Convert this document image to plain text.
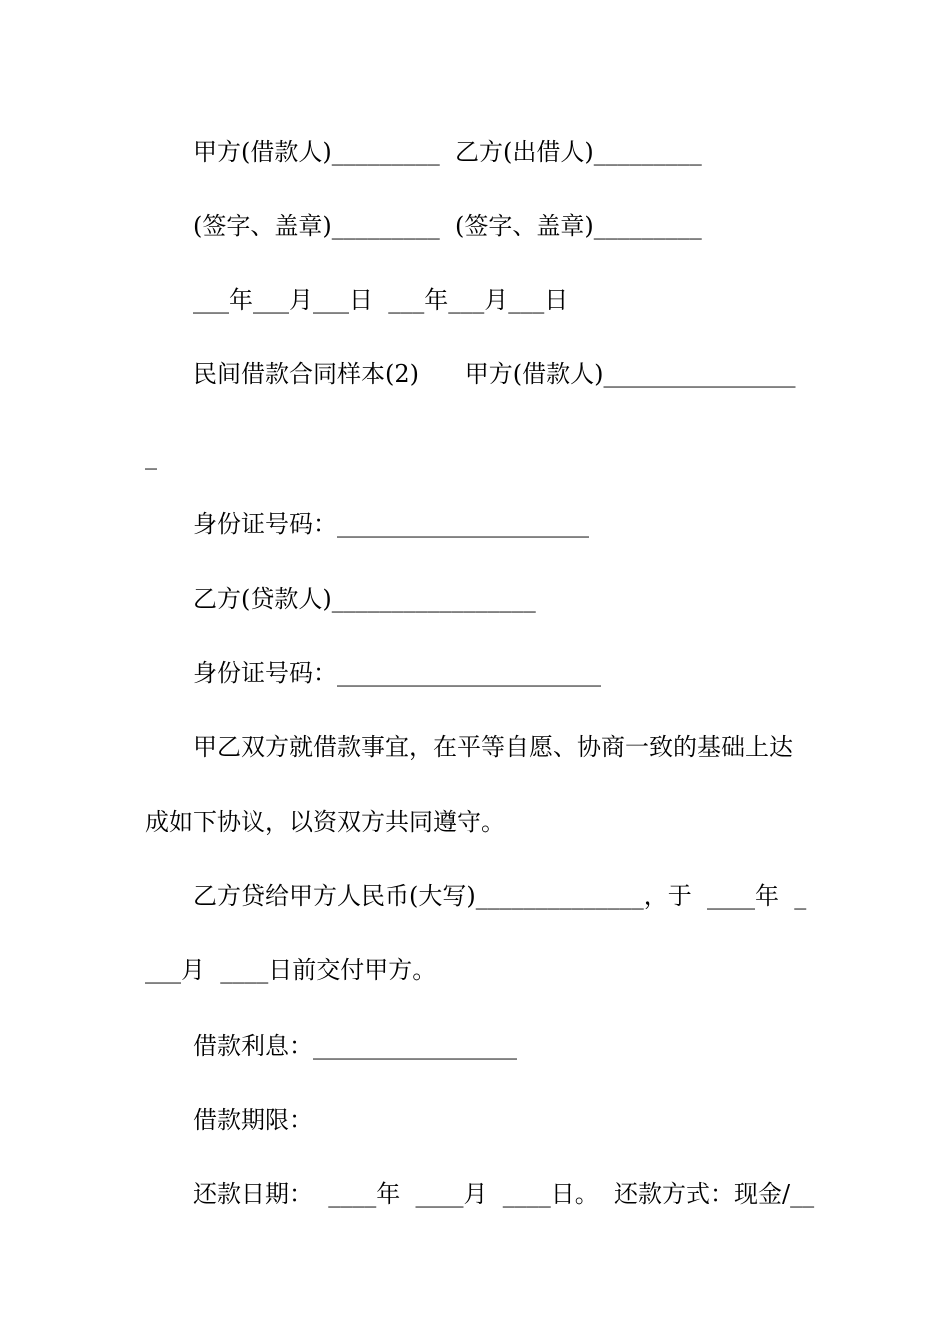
甲方(借款人)_________  乙方(出借人)_________
(签字、盖章)_________  (签字、盖章)_________
___年___月___日  ___年___月___日
民间借款合同样本(2)      甲方(借款人)________________
_
身份证号码：_____________________
乙方(贷款人)_________________
身份证号码：______________________
甲乙双方就借款事宜，在平等自愿、协商一致的基础上达
成如下协议，以资双方共同遵守。
乙方贷给甲方人民币(大写)______________，于  ____年  _
___月  ____日前交付甲方。
借款利息：_________________
借款期限：
还款日期：  ____年  ____月  ____日。  还款方式：现金/__
